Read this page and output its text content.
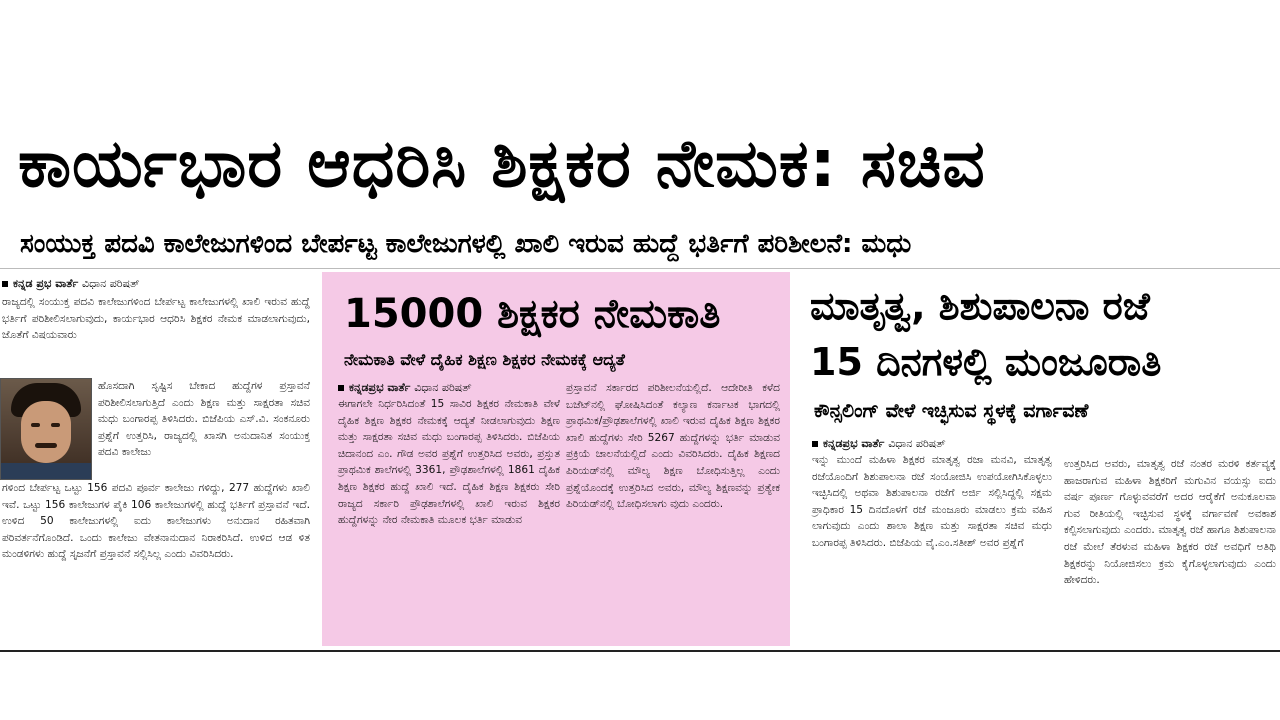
ಕಾರ್ಯಭಾರ ಆಧರಿಸಿ ಶಿಕ್ಷಕರ ನೇಮಕ: ಸಚಿವ
ಸಂಯುಕ್ತ ಪದವಿ ಕಾಲೇಜುಗಳಿಂದ ಬೇರ್ಪಟ್ಟ ಕಾಲೇಜುಗಳಲ್ಲಿ ಖಾಲಿ ಇರುವ ಹುದ್ದೆ ಭರ್ತಿಗೆ ಪರಿಶೀಲನೆ: ಮಧು
ಕನ್ನಡ ಪ್ರಭ ವಾರ್ತೆ ವಿಧಾನ ಪರಿಷತ್
ರಾಜ್ಯದಲ್ಲಿ ಸಂಯುಕ್ತ ಪದವಿ ಕಾಲೇಜುಗಳಿಂದ ಬೇರ್ಪಟ್ಟ ಕಾಲೇಜುಗಳಲ್ಲಿ ಖಾಲಿ ಇರುವ ಹುದ್ದೆ ಭರ್ತಿಗೆ ಪರಿಶೀಲಿಸಲಾಗುವುದು, ಕಾರ್ಯಭಾರ ಆಧರಿಸಿ ಶಿಕ್ಷಕರ ನೇಮಕ ಮಾಡಲಾಗುವುದು, ಜೊತೆಗೆ ವಿಷಯವಾರು
ಹೊಸದಾಗಿ ಸೃಷ್ಟಿಸ ಬೇಕಾದ ಹುದ್ದೆಗಳ ಪ್ರಸ್ತಾವನೆ ಪರಿಶೀಲಿಸಲಾಗುತ್ತಿದೆ ಎಂದು ಶಿಕ್ಷಣ ಮತ್ತು ಸಾಕ್ಷರತಾ ಸಚಿವ ಮಧು ಬಂಗಾರಪ್ಪ ತಿಳಿಸಿದರು. ಬಿಜೆಪಿಯ ಎಸ್.ವಿ. ಸಂಕನೂರು ಪ್ರಶ್ನೆಗೆ ಉತ್ತರಿಸಿ, ರಾಜ್ಯದಲ್ಲಿ ಖಾಸಗಿ ಅನುದಾನಿತ ಸಂಯುಕ್ತ ಪದವಿ ಕಾಲೇಜು
ಗಳಿಂದ ಬೇರ್ಪಟ್ಟ ಒಟ್ಟು 156 ಪದವಿ ಪೂರ್ವ ಕಾಲೇಜು ಗಳಿದ್ದು, 277 ಹುದ್ದೆಗಳು ಖಾಲಿ ಇವೆ. ಒಟ್ಟು 156 ಕಾಲೇಜುಗಳ ಪೈಕಿ 106 ಕಾಲೇಜುಗಳಲ್ಲಿ ಹುದ್ದೆ ಭರ್ತಿಗೆ ಪ್ರಸ್ತಾವನೆ ಇದೆ. ಉಳಿದ 50 ಕಾಲೇಜುಗಳಲ್ಲಿ ಐದು ಕಾಲೇಜುಗಳು ಅನುದಾನ ರಹಿತವಾಗಿ ಪರಿವರ್ತನೆಗೊಂಡಿದೆ. ಒಂದು ಕಾಲೇಜು ವೇತನಾನುದಾನ ನಿರಾಕರಿಸಿದೆ. ಉಳಿದ ಆಡ ಳಿತ ಮಂಡಳಿಗಳು ಹುದ್ದೆ ಸೃಜನೆಗೆ ಪ್ರಸ್ತಾವನೆ ಸಲ್ಲಿಸಿಲ್ಲ ಎಂದು ವಿವರಿಸಿದರು.
15000 ಶಿಕ್ಷಕರ ನೇಮಕಾತಿ
ನೇಮಕಾತಿ ವೇಳೆ ದೈಹಿಕ ಶಿಕ್ಷಣ ಶಿಕ್ಷಕರ ನೇಮಕಕ್ಕೆ ಆದ್ಯತೆ
ಕನ್ನಡಪ್ರಭ ವಾರ್ತೆ ವಿಧಾನ ಪರಿಷತ್
ಈಗಾಗಲೇ ನಿರ್ಧರಿಸಿದಂತೆ 15 ಸಾವಿರ ಶಿಕ್ಷಕರ ನೇಮಕಾತಿ ವೇಳೆ ದೈಹಿಕ ಶಿಕ್ಷಣ ಶಿಕ್ಷಕರ ನೇಮಕಕ್ಕೆ ಆದ್ಯತೆ ನೀಡಲಾಗುವುದು ಶಿಕ್ಷಣ ಮತ್ತು ಸಾಕ್ಷರತಾ ಸಚಿವ ಮಧು ಬಂಗಾರಪ್ಪ ತಿಳಿಸಿದರು. ಬಿಜೆಪಿಯ ಚಿದಾನಂದ ಎಂ. ಗೌಡ ಅವರ ಪ್ರಶ್ನೆಗೆ ಉತ್ತರಿಸಿದ ಅವರು, ಪ್ರಸ್ತುತ ಪ್ರಾಥಮಿಕ ಶಾಲೆಗಳಲ್ಲಿ 3361, ಪ್ರೌಢಶಾಲೆಗಳಲ್ಲಿ 1861 ದೈಹಿಕ ಶಿಕ್ಷಣ ಶಿಕ್ಷಕರ ಹುದ್ದೆ ಖಾಲಿ ಇದೆ. ದೈಹಿಕ ಶಿಕ್ಷಣ ಶಿಕ್ಷಕರು ಸೇರಿ ರಾಜ್ಯದ ಸರ್ಕಾರಿ ಪ್ರೌಢಶಾಲೆಗಳಲ್ಲಿ ಖಾಲಿ ಇರುವ ಶಿಕ್ಷಕರ ಹುದ್ದೆಗಳನ್ನು ನೇರ ನೇಮಕಾತಿ ಮೂಲಕ ಭರ್ತಿ ಮಾಡುವ
ಪ್ರಸ್ತಾವನೆ ಸರ್ಕಾರದ ಪರಿಶೀಲನೆಯಲ್ಲಿದೆ. ಆದೇರೀತಿ ಕಳೆದ ಬಜೆಟ್‌ನಲ್ಲಿ ಘೋಷಿಸಿದಂತೆ ಕಲ್ಯಾಣ ಕರ್ನಾಟಕ ಭಾಗದಲ್ಲಿ ಪ್ರಾಥಮಿಕ/ಪ್ರೌಢಶಾಲೆಗಳಲ್ಲಿ ಖಾಲಿ ಇರುವ ದೈಹಿಕ ಶಿಕ್ಷಣ ಶಿಕ್ಷಕರ ಖಾಲಿ ಹುದ್ದೆಗಳು ಸೇರಿ 5267 ಹುದ್ದೆಗಳನ್ನು ಭರ್ತಿ ಮಾಡುವ ಪ್ರಕ್ರಿಯೆ ಚಾಲನೆಯಲ್ಲಿದೆ ಎಂದು ವಿವರಿಸಿದರು. ದೈಹಿಕ ಶಿಕ್ಷಣದ ಪಿರಿಯಡ್‌ನಲ್ಲಿ ಮೌಲ್ಯ ಶಿಕ್ಷಣ ಬೋಧಿಸುತ್ತಿಲ್ಲ ಎಂದು ಪ್ರಶ್ನೆಯೊಂದಕ್ಕೆ ಉತ್ತರಿಸಿದ ಅವರು, ಮೌಲ್ಯ ಶಿಕ್ಷಣವನ್ನು ಪ್ರತ್ಯೇಕ ಪಿರಿಯಡ್‌ನಲ್ಲಿ ಬೋಧಿಸಲಾಗು ವುದು ಎಂದರು.
ಮಾತೃತ್ವ, ಶಿಶುಪಾಲನಾ ರಜೆ
15 ದಿನಗಳಲ್ಲಿ ಮಂಜೂರಾತಿ
ಕೌನ್ಸಲಿಂಗ್ ವೇಳೆ ಇಚ್ಛಿಸುವ ಸ್ಥಳಕ್ಕೆ ವರ್ಗಾವಣೆ
ಕನ್ನಡಪ್ರಭ ವಾರ್ತೆ ವಿಧಾನ ಪರಿಷತ್
ಇನ್ನು ಮುಂದೆ ಮಹಿಳಾ ಶಿಕ್ಷಕರ ಮಾತೃತ್ವ ರಜಾ ಮನವಿ, ಮಾತೃತ್ವ ರಜೆಯೊಂದಿಗೆ ಶಿಶುಪಾಲನಾ ರಜೆ ಸಂಯೋಜಿಸಿ ಉಪಯೋಗಿಸಿಕೊಳ್ಳಲು ಇಚ್ಛಿಸಿದಲ್ಲಿ ಅಥವಾ ಶಿಶುಪಾಲನಾ ರಜೆಗೆ ಅರ್ಜಿ ಸಲ್ಲಿಸಿದ್ದಲ್ಲಿ ಸಕ್ಷಮ ಪ್ರಾಧಿಕಾರ 15 ದಿನದೊಳಗೆ ರಜೆ ಮಂಜೂರು ಮಾಡಲು ಕ್ರಮ ವಹಿಸ ಲಾಗುವುದು ಎಂದು ಶಾಲಾ ಶಿಕ್ಷಣ ಮತ್ತು ಸಾಕ್ಷರತಾ ಸಚಿವ ಮಧು ಬಂಗಾರಪ್ಪ ತಿಳಿಸಿದರು. ಬಿಜೆಪಿಯ ವೈ.ಎಂ.ಸತೀಶ್ ಅವರ ಪ್ರಶ್ನೆಗೆ
ಉತ್ತರಿಸಿದ ಅವರು, ಮಾತೃತ್ವ ರಜೆ ನಂತರ ಮರಳಿ ಕರ್ತವ್ಯಕ್ಕೆ ಹಾಜರಾಗುವ ಮಹಿಳಾ ಶಿಕ್ಷಕರಿಗೆ ಮಗುವಿನ ವಯಸ್ಸು ಐದು ವರ್ಷ ಪೂರ್ಣ ಗೊಳ್ಳುವವರೆಗೆ ಅದರ ಆರೈಕೆಗೆ ಅನುಕೂಲವಾ ಗುವ ರೀತಿಯಲ್ಲಿ ಇಚ್ಛಿಸುವ ಸ್ಥಳಕ್ಕೆ ವರ್ಗಾವಣೆ ಅವಕಾಶ ಕಲ್ಪಿಸಲಾಗುವುದು ಎಂದರು. ಮಾತೃತ್ವ ರಜೆ ಹಾಗೂ ಶಿಶುಪಾಲನಾ ರಜೆ ಮೇಲೆ ತೆರಳುವ ಮಹಿಳಾ ಶಿಕ್ಷಕರ ರಜೆ ಅವಧಿಗೆ ಅತಿಥಿ ಶಿಕ್ಷಕರನ್ನು ನಿಯೋಜಿಸಲು ಕ್ರಮ ಕೈಗೊಳ್ಳಲಾಗುವುದು ಎಂದು ಹೇಳಿದರು.
